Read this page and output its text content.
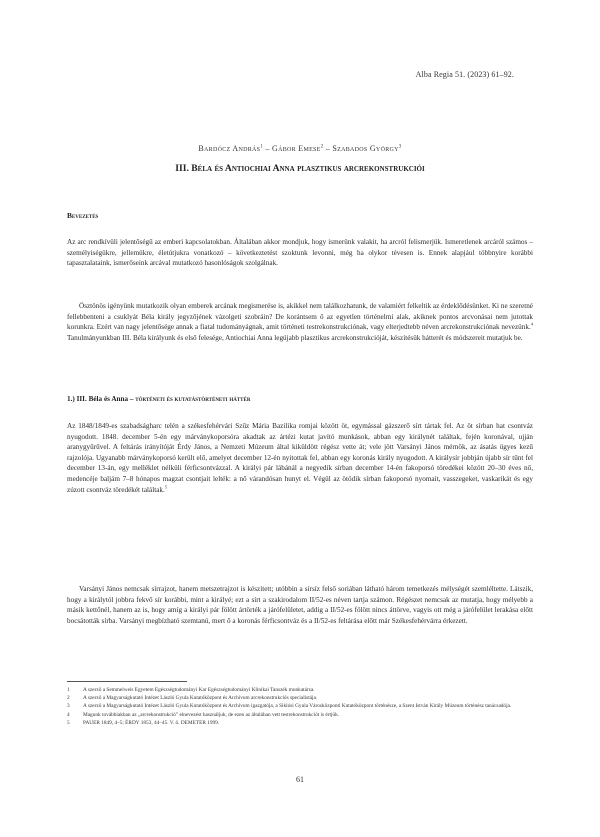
Alba Regia 51. (2023) 61–92.
Bardócz András$^1$ – Gábor Emese$^2$ – Szabados György$^3$
III. Béla és Antiochiai Anna plasztikus arcrekonstrukciói
Bevezetés

Az arc rendkívüli jelentőségű az emberi kapcsolatokban. Általában akkor mondjuk, hogy ismerünk valakit, ha arcról felismerjük. Ismeretlenek arcáról számos – személyiségükre, jellemükre, életútjukra vonatkozó – következtetést szoktunk levonni, még ha olykor tévesen is. Ennek alapjául többnyire korábbi tapasztalataink, ismerőseink arcával mutatkozó hasonlóságok szolgálnak.

Ösztönös igényünk mutatkozik olyan emberek arcának megismerése is, akikkel nem találkozhatunk, de valamiért felkeltik az érdeklődésünket. Ki ne szeretné fellebbenteni a csuklyát Béla király jegyzőjének vázolgeti szobráin? De korántsem ő az egyetlen történelmi alak, akiknek pontos arcvonásai nem jutottak korunkra. Ezért van nagy jelentősége annak a fiatal tudományágnak, amit történeti testrekonstrukciónak, vagy elterjedtebb néven arcrekonstrukciónak nevezünk.$^4$ Tanulmányunkban III. Béla királyunk és első felesége, Antiochiai Anna legújabb plasztikus arcrekonstrukcióját, készítésük hátterét és módszereit mutatjuk be.

1.) III. Béla és Anna – történeti és kutatástörténeti háttér

Az 1848/1849-es szabadságharc telén a székesfehérvári Szűz Mária Bazilika romjai között öt, egymással gázszerő sírt tártak fel. Az öt sírban hat csontváz nyugodott. 1848. december 5-én egy márványkoporsóra akadtak az ártézi kutat javító munkások, abban egy királynét találtak, fején koronával, ujján aranygyűrűvel. A feltárás irányítóját Érdy János, a Nemzeti Múzeum által kiküldött régész vette át; vele jött Varsányi János mérnök, az ásatás ügyes kezű rajzolója. Ugyanabb márványkoporsó került elő, amelyet december 12-én nyitottak fel, abban egy koronás király nyugodott. A királysír jobbján újabb sír tűnt fel december 13-án, egy melléklet nélküli férficsontvázzal. A királyi pár lábánál a negyedik sírban december 14-én fakoporsó töredékei között 20–30 éves nő, medencéje baljám 7–8 hónapos magzat csontjait lelték: a nő várandósan hunyt el. Végül az ötödik sírban fakoporsó nyomait, vasszegeket, vaskarikát és egy zúzott csontváz töredékét találtak.$^5$

Varsányi János nemcsak sírrajzot, hanem metszetrajzot is készített; utóbbin a sírsíz felső soriában látható három temetkezés mélységét szemléltette. Látszik, hogy a királytól jobbra fekvő sír korábbi, mint a királyé; ezt a sírt a szakirodalom II/52-es néven tartja számon. Régészet nemcsak az mutatja, hogy mélyebb a másik kettőnél, hanem az is, hogy amíg a királyi pár fölött ártörték a járófelületet, addig a II/52-es fölött nincs áttörve, vagyis ott még a járófelület lerakása előtt bocsátották sírba. Varsányi megbízható szemtanú, mert ő a koronás férficsontváz és a II/52-es feltárása előtt már Székesfehérvárra érkezett.

1	A szerző a Semmelweis Egyetem Egészségtudományi Kar Egészségtudományi Klinikai Tanszék munkatársa.
2	A szerző a Magyarságkutató Intézet László Gyula Kutatóközpont és Archívum arcrekonstrukciós specialistája.
3	A szerző a Magyarságkutató Intézet László Gyula Kutatóközpont és Archívum igazgatója, a Siklósi Gyula Városközponti Kutatóközpont történésze, a Szent István Király Múzeum történész tanácsadója.
4	Magunk továbbiakban az „arcrekonstrukció” elnevezést használjuk, de ezen az általában vett testrekonstrukciót is értjük.
5	PAUER 1849, 4–5; ÉRDY 1853, 44–45. V. ö. DEMETER 1999.
61
